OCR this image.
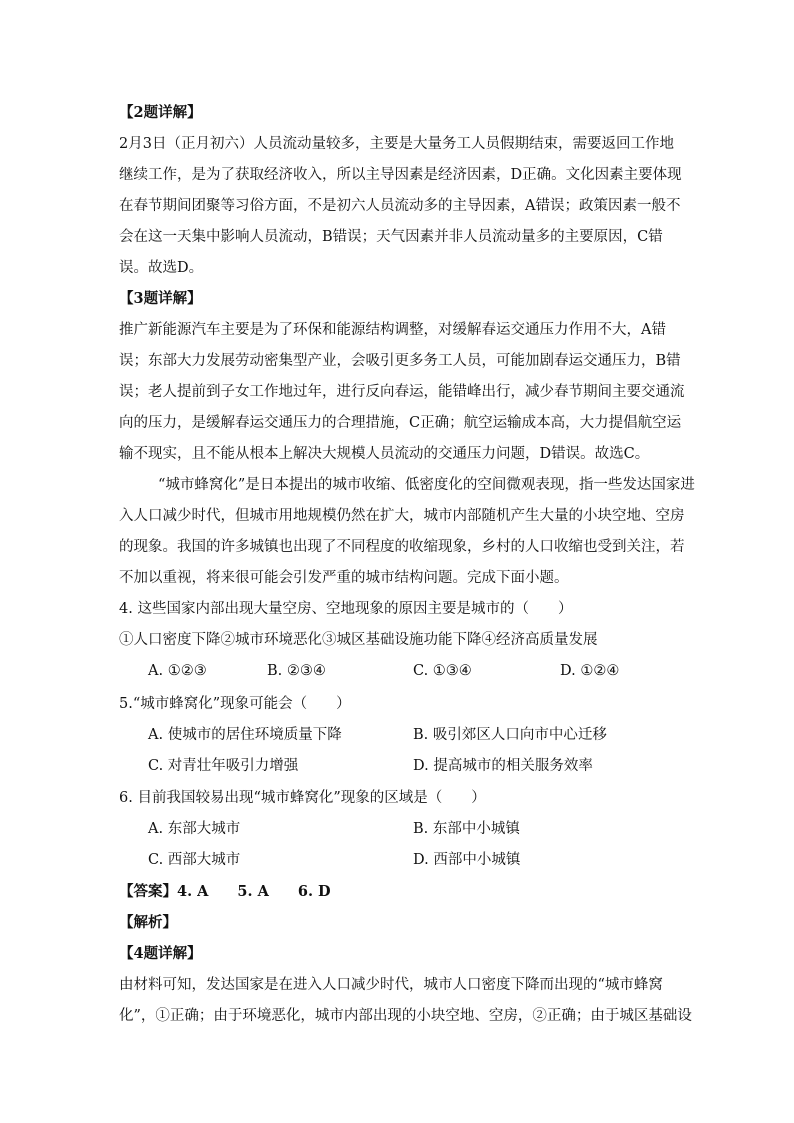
【2题详解】
2月3日（正月初六）人员流动量较多，主要是大量务工人员假期结束，需要返回工作地
继续工作，是为了获取经济收入，所以主导因素是经济因素，D正确。文化因素主要体现
在春节期间团聚等习俗方面，不是初六人员流动多的主导因素，A错误；政策因素一般不
会在这一天集中影响人员流动，B错误；天气因素并非人员流动量多的主要原因，C错
误。故选D。
【3题详解】
推广新能源汽车主要是为了环保和能源结构调整，对缓解春运交通压力作用不大，A错
误；东部大力发展劳动密集型产业，会吸引更多务工人员，可能加剧春运交通压力，B错
误；老人提前到子女工作地过年，进行反向春运，能错峰出行，减少春节期间主要交通流
向的压力，是缓解春运交通压力的合理措施，C正确；航空运输成本高，大力提倡航空运
输不现实，且不能从根本上解决大规模人员流动的交通压力问题，D错误。故选C。
“城市蜂窝化”是日本提出的城市收缩、低密度化的空间微观表现，指一些发达国家进
入人口减少时代，但城市用地规模仍然在扩大，城市内部随机产生大量的小块空地、空房
的现象。我国的许多城镇也出现了不同程度的收缩现象，乡村的人口收缩也受到关注，若
不加以重视，将来很可能会引发严重的城市结构问题。完成下面小题。
4. 这些国家内部出现大量空房、空地现象的原因主要是城市的（　　）
①人口密度下降②城市环境恶化③城区基础设施功能下降④经济高质量发展
A. ①②③	B. ②③④	C. ①③④	D. ①②④
5.“城市蜂窝化”现象可能会（　　）
A. 使城市的居住环境质量下降	B. 吸引郊区人口向市中心迁移
C. 对青壮年吸引力增强	D. 提高城市的相关服务效率
6. 目前我国较易出现“城市蜂窝化”现象的区域是（　　）
A. 东部大城市	B. 东部中小城镇
C. 西部大城市	D. 西部中小城镇
【答案】4. A　　5. A　　6. D
【解析】
【4题详解】
由材料可知，发达国家是在进入人口减少时代，城市人口密度下降而出现的“城市蜂窝
化”，①正确；由于环境恶化，城市内部出现的小块空地、空房，②正确；由于城区基础设
